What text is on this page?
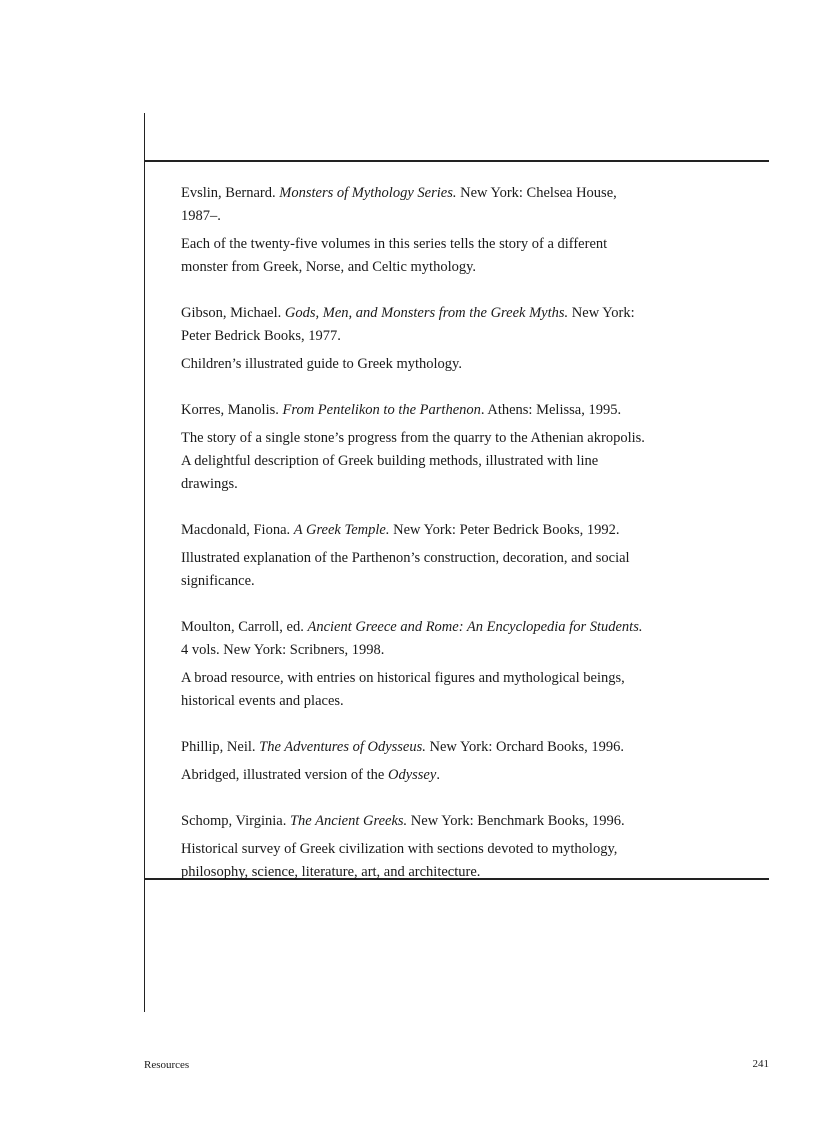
Evslin, Bernard. Monsters of Mythology Series. New York: Chelsea House, 1987–.

Each of the twenty-five volumes in this series tells the story of a different monster from Greek, Norse, and Celtic mythology.

Gibson, Michael. Gods, Men, and Monsters from the Greek Myths. New York: Peter Bedrick Books, 1977.

Children’s illustrated guide to Greek mythology.

Korres, Manolis. From Pentelikon to the Parthenon. Athens: Melissa, 1995.

The story of a single stone’s progress from the quarry to the Athenian akropolis. A delightful description of Greek building methods, illustrated with line drawings.

Macdonald, Fiona. A Greek Temple. New York: Peter Bedrick Books, 1992.

Illustrated explanation of the Parthenon’s construction, decoration, and social significance.

Moulton, Carroll, ed. Ancient Greece and Rome: An Encyclopedia for Students. 4 vols. New York: Scribners, 1998.

A broad resource, with entries on historical figures and mythological beings, historical events and places.

Phillip, Neil. The Adventures of Odysseus. New York: Orchard Books, 1996.

Abridged, illustrated version of the Odyssey.

Schomp, Virginia. The Ancient Greeks. New York: Benchmark Books, 1996.

Historical survey of Greek civilization with sections devoted to mythology, philosophy, science, literature, art, and architecture.

Resources	241
